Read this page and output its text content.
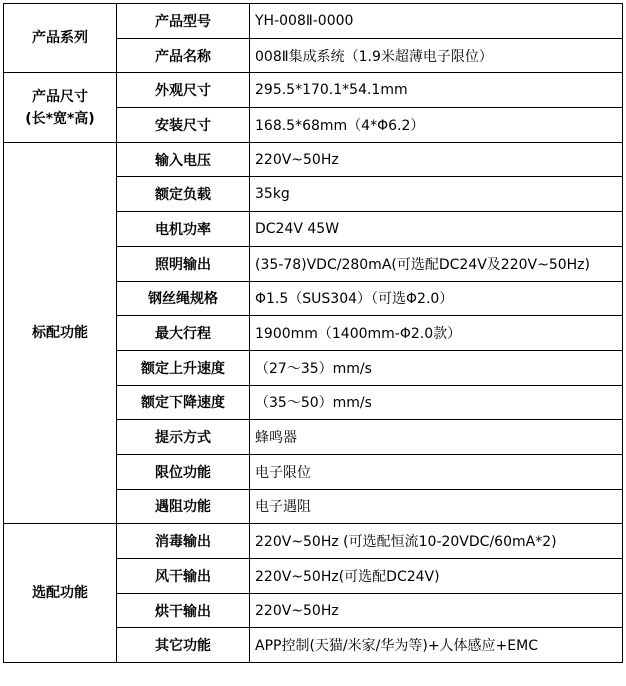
产品系列	产品型号	YH-008Ⅱ-0000
	产品名称	008Ⅱ集成系统（1.9米超薄电子限位）

产品尺寸
(长*宽*高)	外观尺寸	295.5*170.1*54.1mm
	安装尺寸	168.5*68mm（4*Φ6.2）

标配功能	输入电压	220V~50Hz
	额定负载	35kg
	电机功率	DC24V 45W
	照明输出	(35-78)VDC/280mA(可选配DC24V及220V~50Hz)
	钢丝绳规格	Φ1.5（SUS304）（可选Φ2.0）
	最大行程	1900mm（1400mm-Φ2.0款）
	额定上升速度	（27～35）mm/s
	额定下降速度	（35～50）mm/s
	提示方式	蜂鸣器
	限位功能	电子限位
	遇阻功能	电子遇阻

选配功能	消毒输出	220V~50Hz (可选配恒流10-20VDC/60mA*2)
	风干输出	220V~50Hz(可选配DC24V)
	烘干输出	220V~50Hz
	其它功能	APP控制(天猫/米家/华为等)+人体感应+EMC
